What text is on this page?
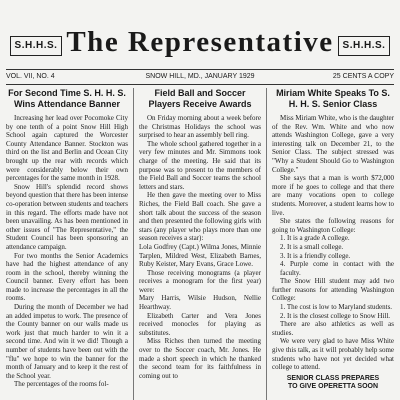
S.H.H.S. The Representative S.H.H.S.
SNOW HILL, MD., JANUARY 1929
VOL. VII, NO. 4	25 CENTS A COPY
For Second Time S. H. H. S. Wins Attendance Banner

Increasing her lead over Pocomoke City by one tenth of a point Snow Hill High School again captured the Worcester County Attendance Banner. Stockton was third on the list and Berlin and Ocean City brought up the rear with records which were considerably below their own percentages for the same month in 1928.

Snow Hill's splendid record shows beyond question that there has been intense co-operation between students and teachers in this regard. The efforts made have not been unavailing. As has been mentioned in other issues of "The Representative," the Student Council has been sponsoring an attendance campaign.

For two months the Senior Academics have had the highest attendance of any room in the school, thereby winning the Council banner. Every effort has been made to increase the percentages in all the rooms.

During the month of December we had an added impetus to work. The presence of the County banner on our walls made us work just that much harder to win it a second time. And win it we did! Though a number of students have been out with the "flu" we hope to win the banner for the month of January and to keep it the rest of the School year.

The percentages of the rooms fol-

Field Ball and Soccer Players Receive Awards

On Friday morning about a week before the Christmas Holidays the school was surprised to hear an assembly bell ring.

The whole school gathered together in a very few minutes and Mr. Simmons took charge of the meeting. He said that its purpose was to present to the members of the Field Ball and Soccer teams the school letters and stars.

He then gave the meeting over to Miss Riches, the Field Ball coach. She gave a short talk about the success of the season and then presented the following girls with stars (any player who plays more than one season receives a star):

Lola Godfrey (Capt.) Wilma Jones, Minnie Tarplen, Mildred West, Elizabeth Barnes, Ruby Keister, Mary Evans, Grace Lowe.

Those receiving monograms (a player receives a monogram for the first year) were:

Mary Harris, Wilsie Hudson, Nellie Hearthway.

Elizabeth Carter and Vera Jones received monocles for playing as substitutes.

Miss Riches then turned the meeting over to the Soccer coach, Mr. Jones. He made a short speech in which he thanked the second team for its faithfulness in coming out to

Miriam White Speaks To S. H. H. S. Senior Class

Miss Miriam White, who is the daughter of the Rev. Wm. White and who now attends Washington College, gave a very interesting talk on December 21, to the Senior Class. The subject stressed was "Why a Student Should Go to Washington College."

She says that a man is worth $72,000 more if he goes to college and that there are many vocations open to college students. Moreover, a student learns how to live.

She states the following reasons for going to Washington College:

1. It is a grade A college.

2. It is a small college.

3. It is a friendly college.

4. Purple come in contact with the faculty.

The Snow Hill student may add two further reasons for attending Washington College:

1. The cost is low to Maryland students.

2. It is the closest college to Snow Hill.

There are also athletics as well as studies.

We were very glad to have Miss White give this talk, as it will probably help some students who have not yet decided what college to attend.

SENIOR CLASS PREPARES
TO GIVE OPERETTA SOON
